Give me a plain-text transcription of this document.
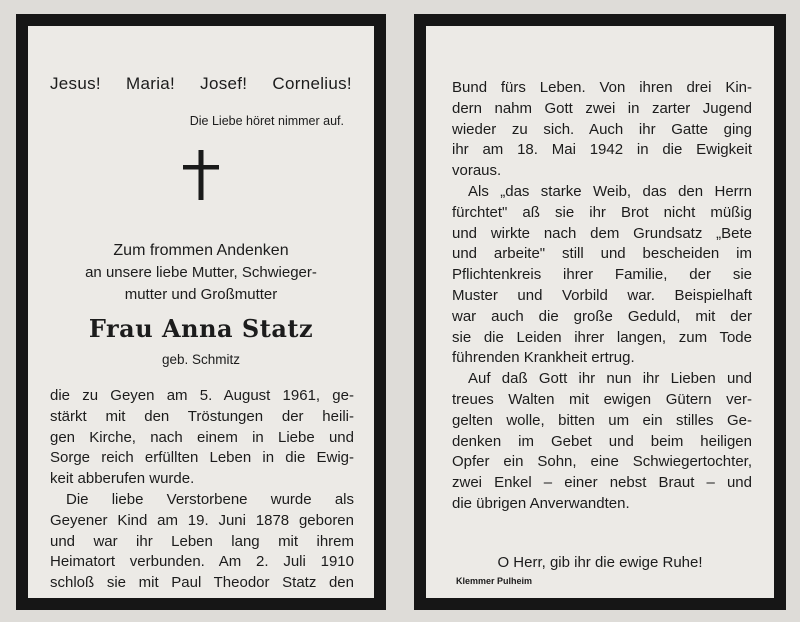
Jesus! Maria! Josef! Cornelius!
Die Liebe höret nimmer auf.
Zum frommen Andenken
an unsere liebe Mutter, Schwieger-
mutter und Großmutter
Frau Anna Statz
geb. Schmitz
die zu Geyen am 5. August 1961, ge-
stärkt mit den Tröstungen der heili-
gen Kirche, nach einem in Liebe und
Sorge reich erfüllten Leben in die Ewig-
keit abberufen wurde.
Die liebe Verstorbene wurde als
Geyener Kind am 19. Juni 1878 geboren
und war ihr Leben lang mit ihrem
Heimatort verbunden. Am 2. Juli 1910
schloß sie mit Paul Theodor Statz den
Bund fürs Leben. Von ihren drei Kin-
dern nahm Gott zwei in zarter Jugend
wieder zu sich. Auch ihr Gatte ging
ihr am 18. Mai 1942 in die Ewigkeit
voraus.
Als „das starke Weib, das den Herrn
fürchtet" aß sie ihr Brot nicht müßig
und wirkte nach dem Grundsatz „Bete
und arbeite" still und bescheiden im
Pflichtenkreis ihrer Familie, der sie
Muster und Vorbild war. Beispielhaft
war auch die große Geduld, mit der
sie die Leiden ihrer langen, zum Tode
führenden Krankheit ertrug.
Auf daß Gott ihr nun ihr Lieben und
treues Walten mit ewigen Gütern ver-
gelten wolle, bitten um ein stilles Ge-
denken im Gebet und beim heiligen
Opfer ein Sohn, eine Schwiegertochter,
zwei Enkel – einer nebst Braut – und
die übrigen Anverwandten.
O Herr, gib ihr die ewige Ruhe!
Klemmer Pulheim
